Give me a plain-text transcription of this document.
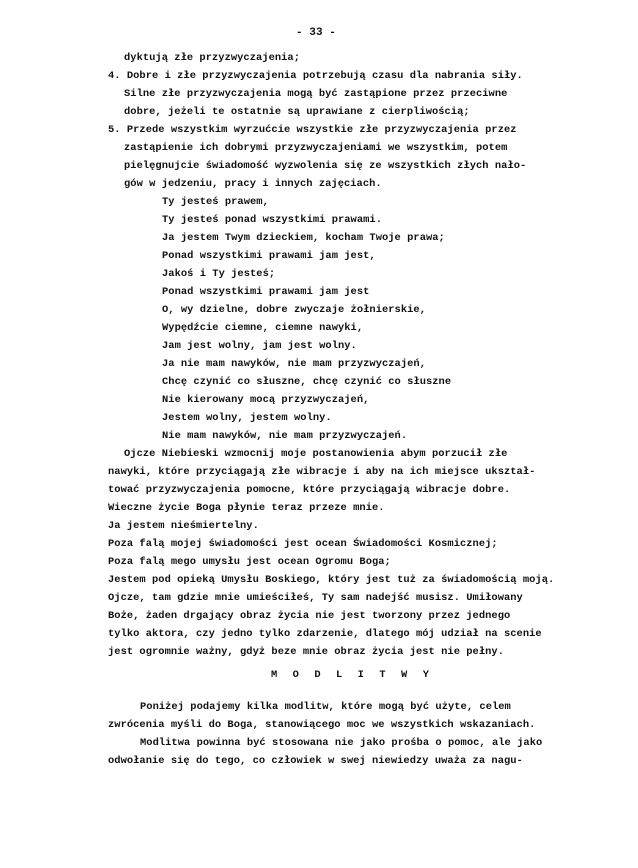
- 33 -
dyktują złe przyzwyczajenia;
4. Dobre i złe przyzwyczajenia potrzebują czasu dla nabrania siły.
Silne złe przyzwyczajenia mogą być zastąpione przez przeciwne
dobre, jeżeli te ostatnie są uprawiane z cierpliwością;
5. Przede wszystkim wyrzućcie wszystkie złe przyzwyczajenia przez
zastąpienie ich dobrymi przyzwyczajeniami we wszystkim, potem
pielęgnujcie świadomość wyzwolenia się ze wszystkich złych nało-
gów w jedzeniu, pracy i innych zajęciach.
Ty jesteś prawem,
Ty jesteś ponad wszystkimi prawami.
Ja jestem Twym dzieckiem, kocham Twoje prawa;
Ponad wszystkimi prawami jam jest,
Jakoś i Ty jesteś;
Ponad wszystkimi prawami jam jest
O, wy dzielne, dobre zwyczaje żołnierskie,
Wypędźcie ciemne, ciemne nawyki,
Jam jest wolny, jam jest wolny.
Ja nie mam nawyków, nie mam przyzwyczajeń,
Chcę czynić co słuszne, chcę czynić co słuszne
Nie kierowany mocą przyzwyczajeń,
Jestem wolny, jestem wolny.
Nie mam nawyków, nie mam przyzwyczajeń.
Ojcze Niebieski wzmocnij moje postanowienia abym porzucił złe
nawyki, które przyciągają złe wibracje i aby na ich miejsce ukształ-
tować przyzwyczajenia pomocne, które przyciągają wibracje dobre.
Wieczne życie Boga płynie teraz przeze mnie.
Ja jestem nieśmiertelny.
Poza falą mojej świadomości jest ocean Świadomości Kosmicznej;
Poza falą mego umysłu jest ocean Ogromu Boga;
Jestem pod opieką Umysłu Boskiego, który jest tuż za świadomością moją.
Ojcze, tam gdzie mnie umieściłeś, Ty sam nadejść musisz. Umiłowany
Boże, żaden drgający obraz życia nie jest tworzony przez jednego
tylko aktora, czy jedno tylko zdarzenie, dlatego mój udział na scenie
jest ogromnie ważny, gdyż beze mnie obraz życia jest nie pełny.
M O D L I T W Y
Poniżej podajemy kilka modlitw, które mogą być użyte, celem
zwrócenia myśli do Boga, stanowiącego moc we wszystkich wskazaniach.
Modlitwa powinna być stosowana nie jako prośba o pomoc, ale jako
odwołanie się do tego, co człowiek w swej niewiedzy uważa za nagu-
